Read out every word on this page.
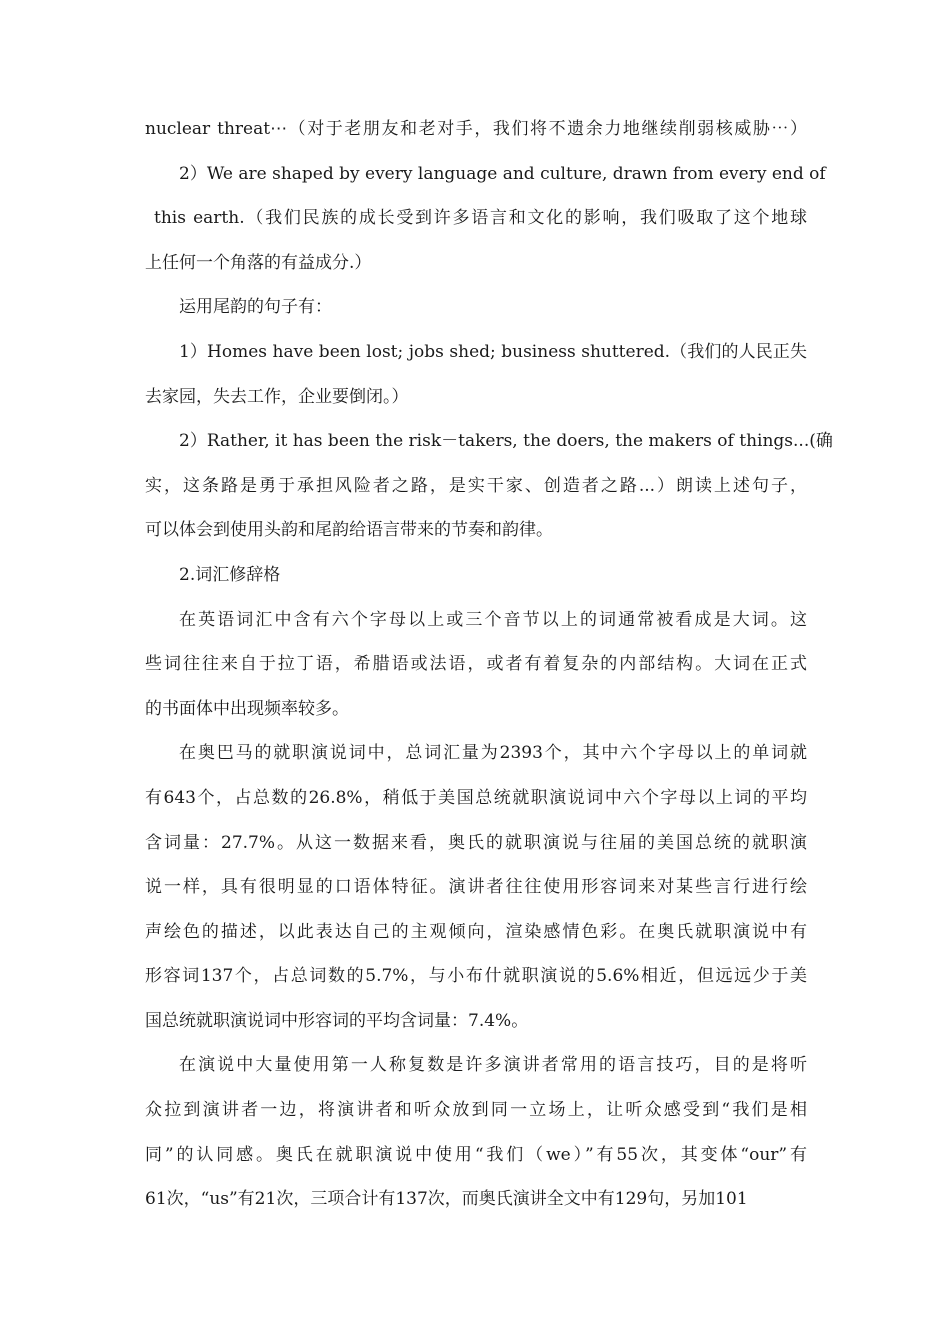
nuclear threat⋯（对于老朋友和老对手，我们将不遗余力地继续削弱核威胁⋯）

2）We are shaped by every language and culture, drawn from every end of

this earth.（我们民族的成长受到许多语言和文化的影响，我们吸取了这个地球

上任何一个角落的有益成分.）

运用尾韵的句子有：

1）Homes have been lost; jobs shed; business shuttered.（我们的人民正失

去家园，失去工作，企业要倒闭。）

2）Rather, it has been the risk－takers, the doers, the makers of things...(确

实，这条路是勇于承担风险者之路，是实干家、创造者之路...）朗读上述句子，

可以体会到使用头韵和尾韵给语言带来的节奏和韵律。

2.词汇修辞格

在英语词汇中含有六个字母以上或三个音节以上的词通常被看成是大词。这

些词往往来自于拉丁语，希腊语或法语，或者有着复杂的内部结构。大词在正式

的书面体中出现频率较多。

在奥巴马的就职演说词中，总词汇量为2393个，其中六个字母以上的单词就

有643个，占总数的26.8%，稍低于美国总统就职演说词中六个字母以上词的平均

含词量：27.7%。从这一数据来看，奥氏的就职演说与往届的美国总统的就职演

说一样，具有很明显的口语体特征。演讲者往往使用形容词来对某些言行进行绘

声绘色的描述，以此表达自己的主观倾向，渲染感情色彩。在奥氏就职演说中有

形容词137个，占总词数的5.7%，与小布什就职演说的5.6%相近，但远远少于美

国总统就职演说词中形容词的平均含词量：7.4%。

在演说中大量使用第一人称复数是许多演讲者常用的语言技巧，目的是将听

众拉到演讲者一边，将演讲者和听众放到同一立场上，让听众感受到“我们是相

同”的认同感。奥氏在就职演说中使用“我们（we）”有55次，其变体“our”有

61次，“us”有21次，三项合计有137次，而奥氏演讲全文中有129句，另加101
